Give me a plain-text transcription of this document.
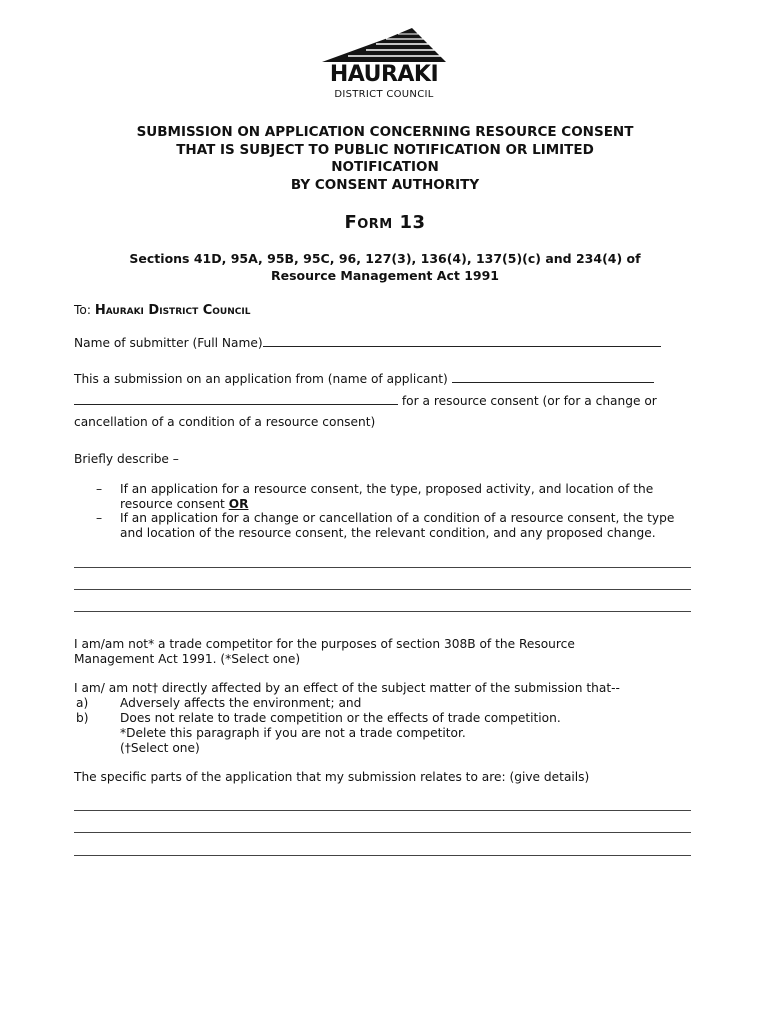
HAURAKI
DISTRICT COUNCIL
SUBMISSION ON APPLICATION CONCERNING RESOURCE CONSENT
THAT IS SUBJECT TO PUBLIC NOTIFICATION OR LIMITED
NOTIFICATION
BY CONSENT AUTHORITY
Form 13
Sections 41D, 95A, 95B, 95C, 96, 127(3), 136(4), 137(5)(c) and 234(4) of
Resource Management Act 1991
To: Hauraki District Council
Name of submitter (Full Name)
This a submission on an application from (name of applicant)
for a resource consent (or for a change or
cancellation of a condition of a resource consent)
Briefly describe –
– If an application for a resource consent, the type, proposed activity, and location of the resource consent OR
– If an application for a change or cancellation of a condition of a resource consent, the type and location of the resource consent, the relevant condition, and any proposed change.
I am/am not* a trade competitor for the purposes of section 308B of the Resource
Management Act 1991. (*Select one)
I am/ am not† directly affected by an effect of the subject matter of the submission that--
a)	Adversely affects the environment; and
b)	Does not relate to trade competition or the effects of trade competition.
*Delete this paragraph if you are not a trade competitor.
(†Select one)
The specific parts of the application that my submission relates to are: (give details)
